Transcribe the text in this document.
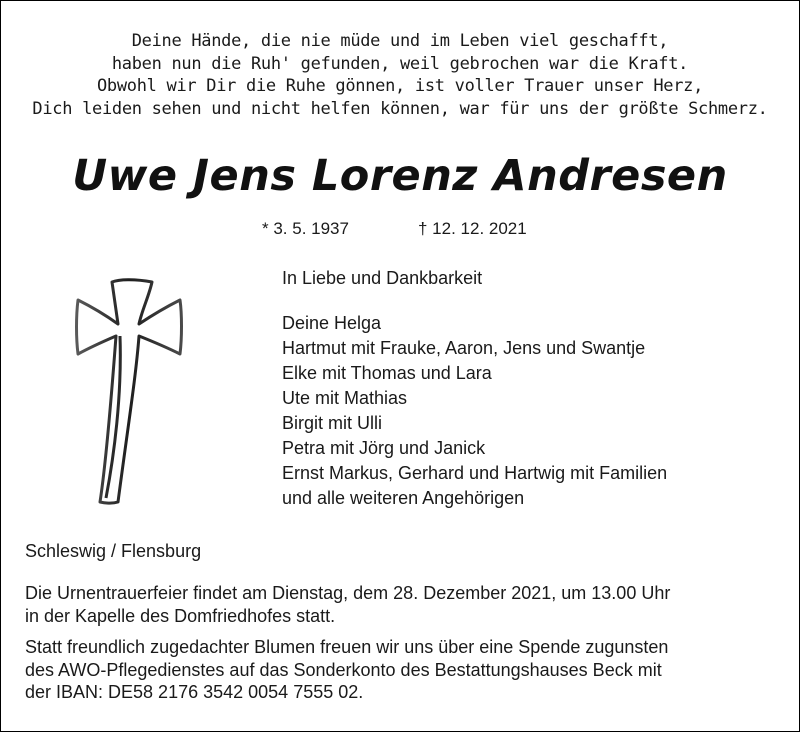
Deine Hände, die nie müde und im Leben viel geschafft,
haben nun die Ruh' gefunden, weil gebrochen war die Kraft.
Obwohl wir Dir die Ruhe gönnen, ist voller Trauer unser Herz,
Dich leiden sehen und nicht helfen können, war für uns der größte Schmerz.
Uwe Jens Lorenz Andresen
* 3. 5. 1937	† 12. 12. 2021
In Liebe und Dankbarkeit
Deine Helga
Hartmut mit Frauke, Aaron, Jens und Swantje
Elke mit Thomas und Lara
Ute mit Mathias
Birgit mit Ulli
Petra mit Jörg und Janick
Ernst Markus, Gerhard und Hartwig mit Familien
und alle weiteren Angehörigen
Schleswig / Flensburg
Die Urnentrauerfeier findet am Dienstag, dem 28. Dezember 2021, um 13.00 Uhr
in der Kapelle des Domfriedhofes statt.
Statt freundlich zugedachter Blumen freuen wir uns über eine Spende zugunsten
des AWO-Pflegedienstes auf das Sonderkonto des Bestattungshauses Beck mit
der IBAN: DE58 2176 3542 0054 7555 02.
